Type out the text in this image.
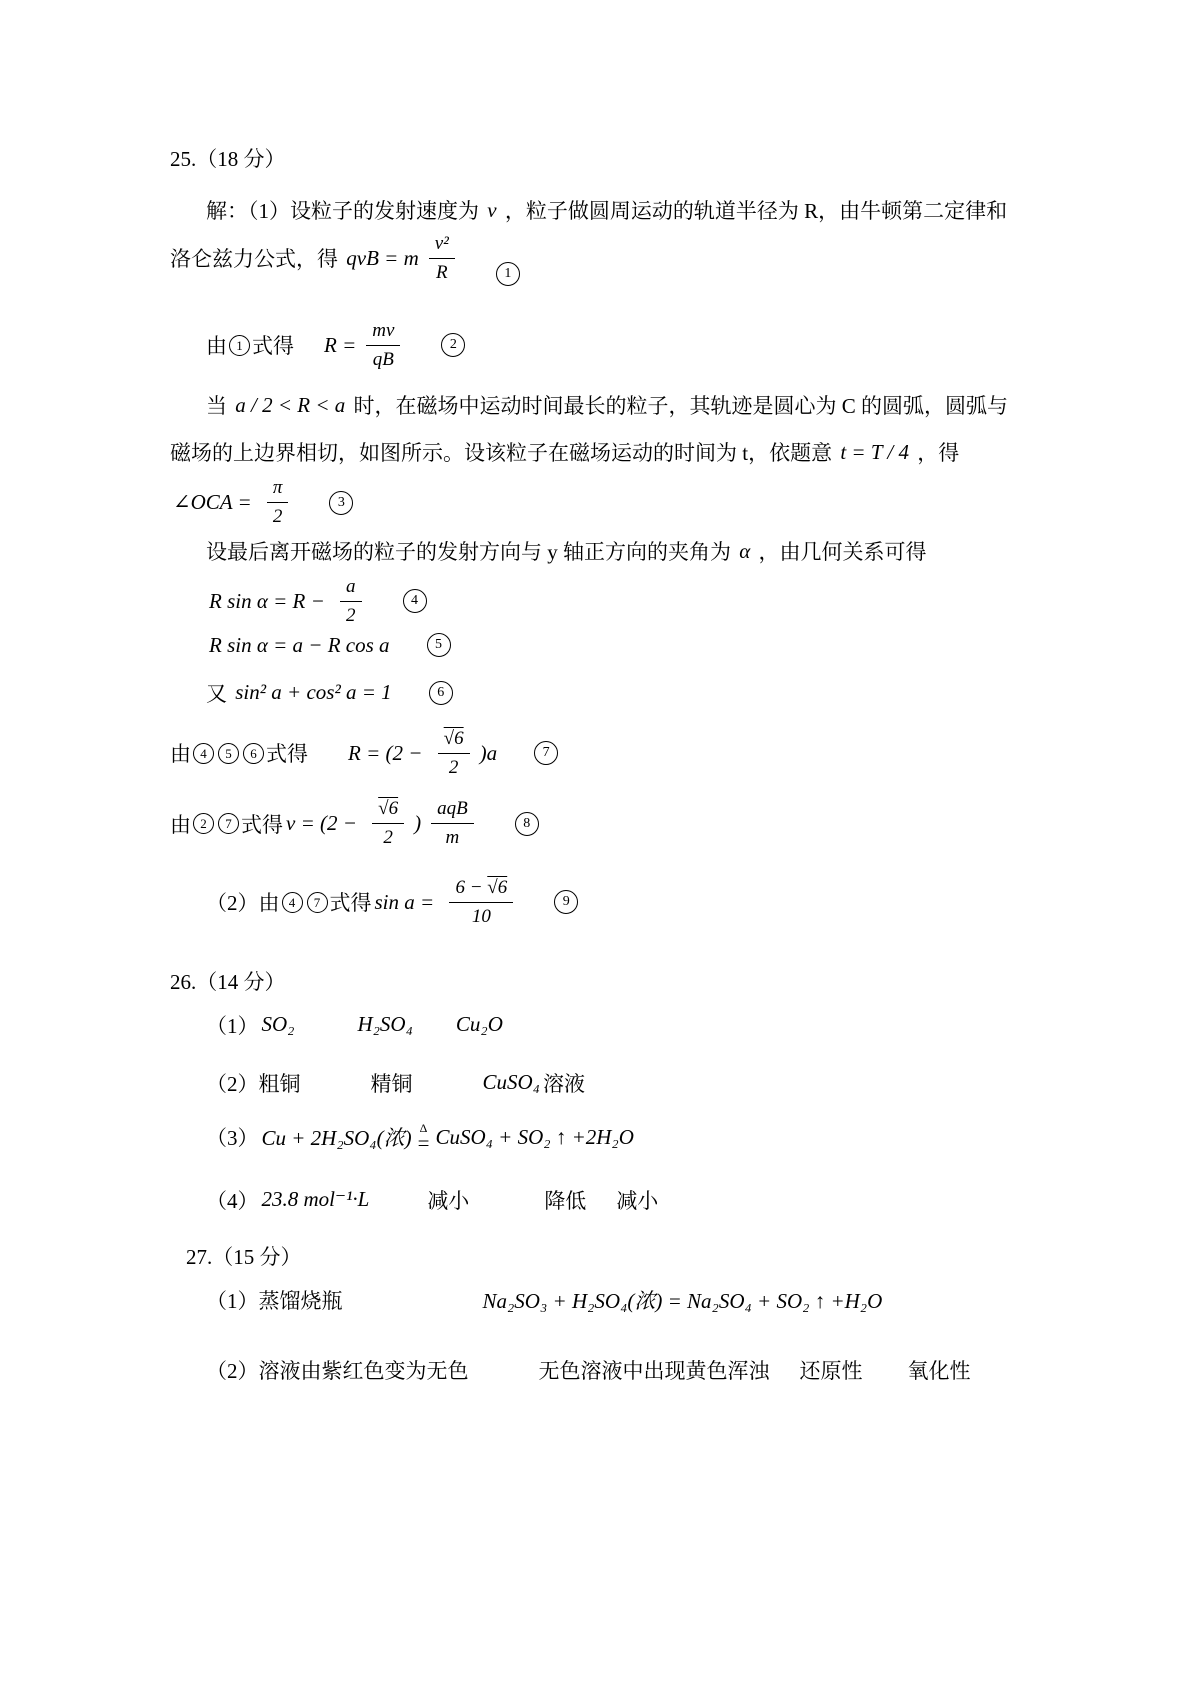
25.（18 分）
解：（1）设粒子的发射速度为 v ，粒子做圆周运动的轨道半径为 R，由牛顿第二定律和
洛仑兹力公式，得 qvB = m $\frac{\text{v²}}{R}$	1
由 1 式得 $R = \frac{mv}{qB}$	2
当 a / 2 < R < a 时，在磁场中运动时间最长的粒子，其轨迹是圆心为 C 的圆弧，圆弧与
磁场的上边界相切，如图所示。设该粒子在磁场运动的时间为 t，依题意 t = T / 4 ，得
∠OCA = $\frac{\pi}{2}$	3
设最后离开磁场的粒子的发射方向与 y 轴正方向的夹角为 α ，由几何关系可得
R $\sin \alpha = R - \frac{a}{2}$	4
R sin α = a − R cos a	5
又 sin² a + cos² a = 1	6
由 4	5	6 式得 $R = (2 - \frac{√6}{2} )a$	7
由 2	7 式得 $v = (2 - \frac{√6}{2}$ ) $\frac{\text{aqB}}{m}$	8
（2）由 4	7 式得 $\sin a = \frac{6 - √6}{10}$	9
26.（14 分）
（1） SO₂	H₂SO₄ Cu₂O
（2）粗铜	精铜	CuSO₄ 溶液
（3） Cu + 2H₂SO₄(浓) Δ
= CuSO₄ + SO₂ ↑ +2H₂O
（4） 23.8 mol⁻¹·L	减小	降低 减小
27.（15 分）
（1）蒸馏烧瓶	Na₂SO₃ + H₂SO₄(浓) = Na₂SO₄ + SO₂ ↑ +H₂O
（2）溶液由紫红色变为无色	无色溶液中出现黄色浑浊 还原性 氧化性
